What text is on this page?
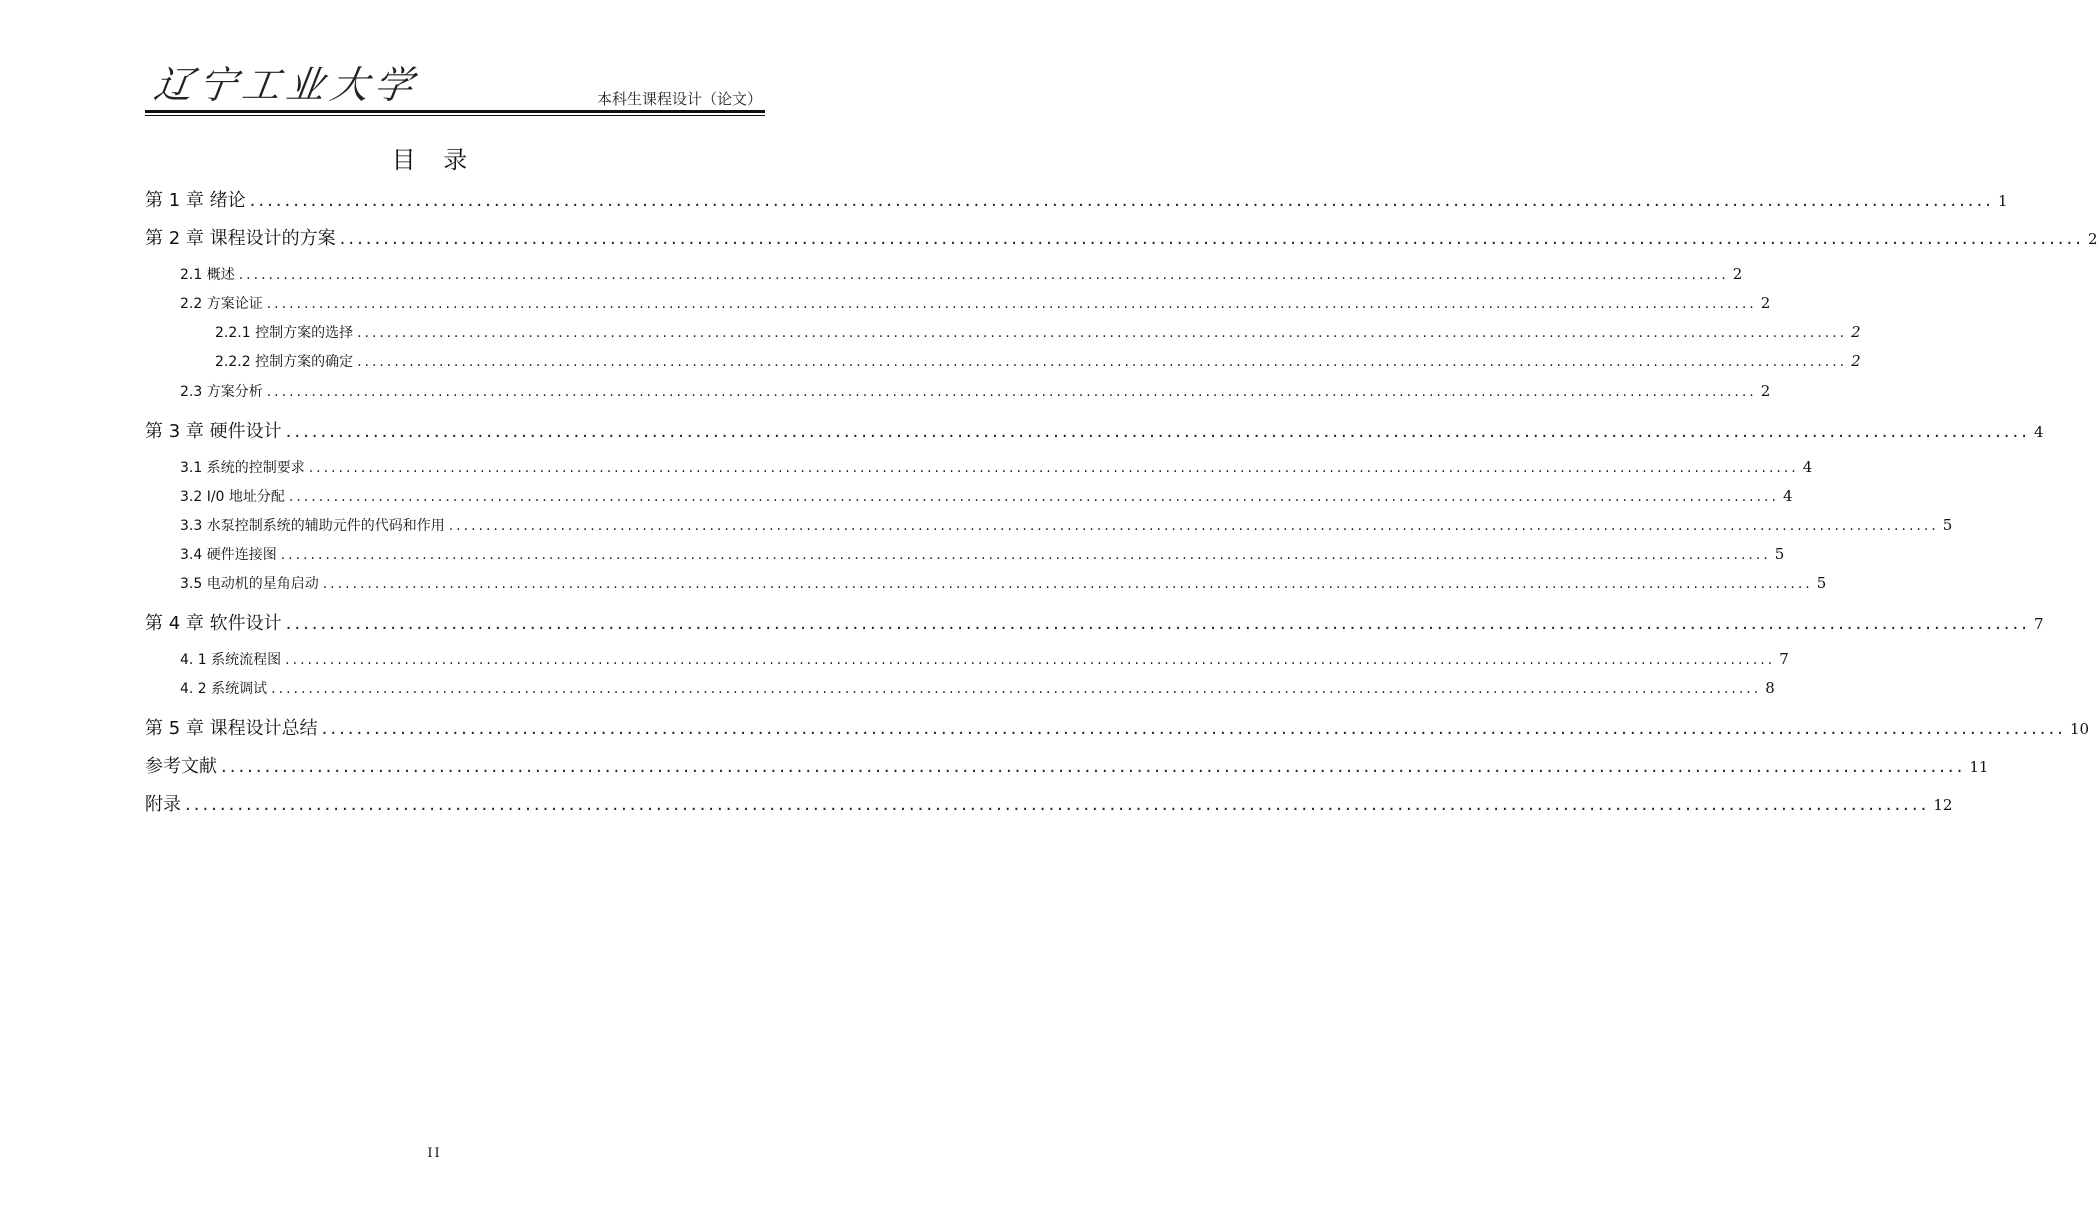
辽宁工业大学	本科生课程设计（论文）
目 录
第 1 章 绪论 ........................................................................................................................................................................................................ 1
第 2 章 课程设计的方案 ........................................................................................................................................................................................................ 2
2.1 概述 ........................................................................................................................................................................................................ 2
2.2 方案论证 ........................................................................................................................................................................................................ 2
2.2.1 控制方案的选择 ........................................................................................................................................................................................................ 2
2.2.2 控制方案的确定 ........................................................................................................................................................................................................ 2
2.3 方案分析 ........................................................................................................................................................................................................ 2
第 3 章 硬件设计 ........................................................................................................................................................................................................ 4
3.1 系统的控制要求 ........................................................................................................................................................................................................ 4
3.2 I/0 地址分配 ........................................................................................................................................................................................................ 4
3.3 水泵控制系统的辅助元件的代码和作用 ........................................................................................................................................................................................................ 5
3.4 硬件连接图 ........................................................................................................................................................................................................ 5
3.5 电动机的星角启动 ........................................................................................................................................................................................................ 5
第 4 章 软件设计 ........................................................................................................................................................................................................ 7
4. 1 系统流程图 ........................................................................................................................................................................................................ 7
4. 2 系统调试 ........................................................................................................................................................................................................ 8
第 5 章 课程设计总结 ........................................................................................................................................................................................................ 10
参考文献 ........................................................................................................................................................................................................ 11
附录 ........................................................................................................................................................................................................ 12
II
